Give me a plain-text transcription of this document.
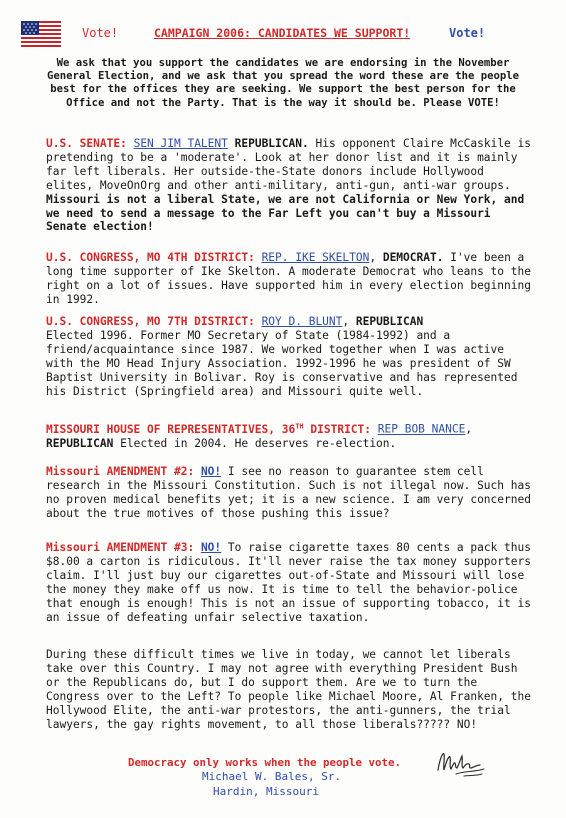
Vote!	CAMPAIGN 2006: CANDIDATES WE SUPPORT!	Vote!
We ask that you support the candidates we are endorsing in the November General Election, and we ask that you spread the word these are the people best for the offices they are seeking. We support the best person for the Office and not the Party. That is the way it should be. Please VOTE!
U.S. SENATE: SEN JIM TALENT REPUBLICAN. His opponent Claire McCaskile is pretending to be a 'moderate'. Look at her donor list and it is mainly far left liberals. Her outside-the-State donors include Hollywood elites, MoveOnOrg and other anti-military, anti-gun, anti-war groups. Missouri is not a liberal State, we are not California or New York, and we need to send a message to the Far Left you can't buy a Missouri Senate election!
U.S. CONGRESS, MO 4TH DISTRICT: REP. IKE SKELTON, DEMOCRAT. I've been a long time supporter of Ike Skelton. A moderate Democrat who leans to the right on a lot of issues. Have supported him in every election beginning in 1992.
U.S. CONGRESS, MO 7TH DISTRICT: ROY D. BLUNT, REPUBLICAN
Elected 1996. Former MO Secretary of State (1984-1992) and a friend/acquaintance since 1987. We worked together when I was active with the MO Head Injury Association. 1992-1996 he was president of SW Baptist University in Bolivar. Roy is conservative and has represented his District (Springfield area) and Missouri quite well.
MISSOURI HOUSE OF REPRESENTATIVES, 36TH DISTRICT: REP BOB NANCE, REPUBLICAN Elected in 2004. He deserves re-election.
Missouri AMENDMENT #2: NO! I see no reason to guarantee stem cell research in the Missouri Constitution. Such is not illegal now. Such has no proven medical benefits yet; it is a new science. I am very concerned about the true motives of those pushing this issue?
Missouri AMENDMENT #3: NO! To raise cigarette taxes 80 cents a pack thus $8.00 a carton is ridiculous. It'll never raise the tax money supporters claim. I'll just buy our cigarettes out-of-State and Missouri will lose the money they make off us now. It is time to tell the behavior-police that enough is enough! This is not an issue of supporting tobacco, it is an issue of defeating unfair selective taxation.
During these difficult times we live in today, we cannot let liberals take over this Country. I may not agree with everything President Bush or the Republicans do, but I do support them. Are we to turn the Congress over to the Left? To people like Michael Moore, Al Franken, the Hollywood Elite, the anti-war protestors, the anti-gunners, the trial lawyers, the gay rights movement, to all those liberals????? NO!
Democracy only works when the people vote.
Michael W. Bales, Sr.
Hardin, Missouri
